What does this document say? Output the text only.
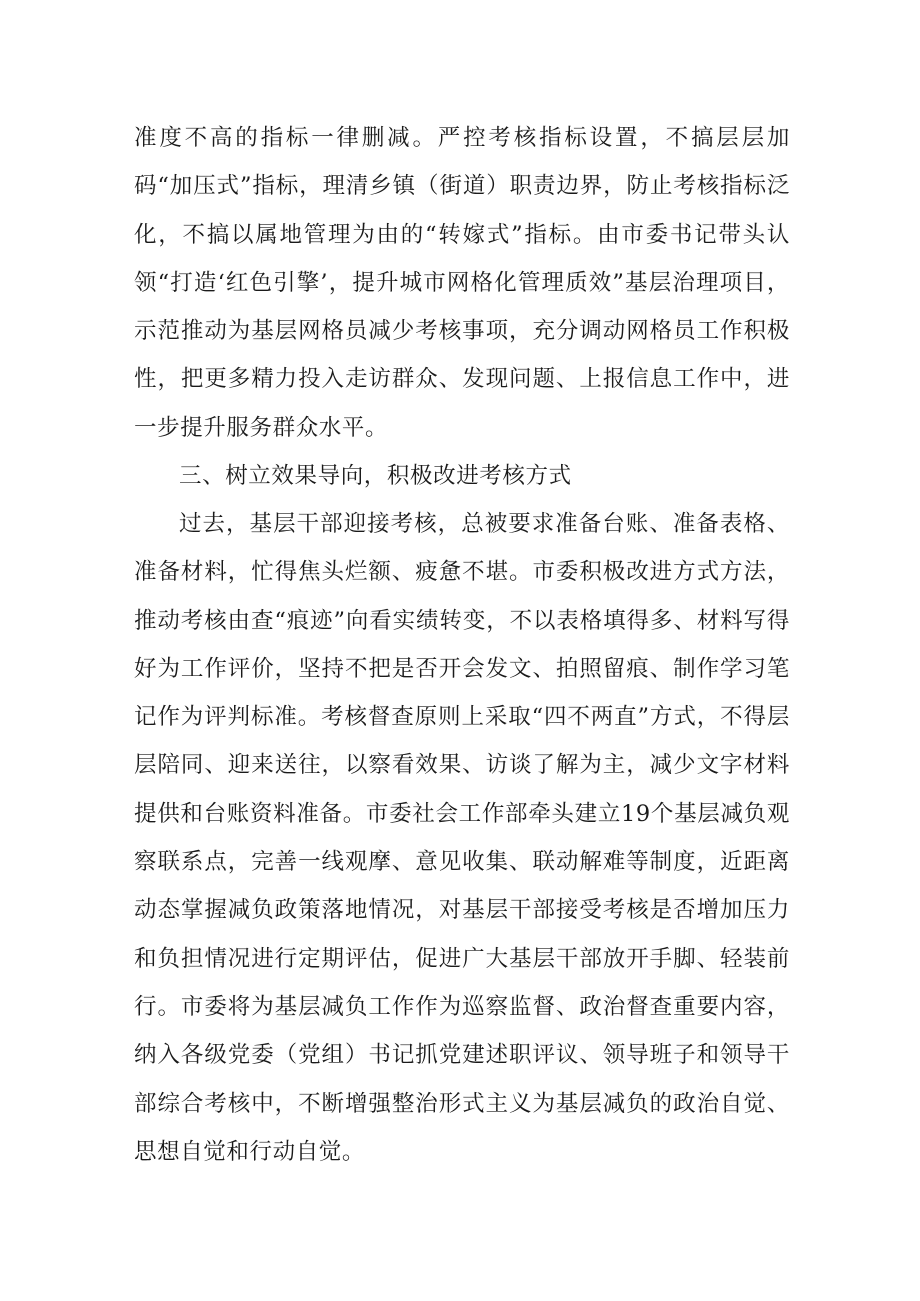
准度不高的指标一律删减。严控考核指标设置，不搞层层加码“加压式”指标，理清乡镇（街道）职责边界，防止考核指标泛化，不搞以属地管理为由的“转嫁式”指标。由市委书记带头认领“打造‘红色引擎’，提升城市网格化管理质效”基层治理项目，示范推动为基层网格员减少考核事项，充分调动网格员工作积极性，把更多精力投入走访群众、发现问题、上报信息工作中，进一步提升服务群众水平。

三、树立效果导向，积极改进考核方式

过去，基层干部迎接考核，总被要求准备台账、准备表格、准备材料，忙得焦头烂额、疲惫不堪。市委积极改进方式方法，推动考核由查“痕迹”向看实绩转变，不以表格填得多、材料写得好为工作评价，坚持不把是否开会发文、拍照留痕、制作学习笔记作为评判标准。考核督查原则上采取“四不两直”方式，不得层层陪同、迎来送往，以察看效果、访谈了解为主，减少文字材料提供和台账资料准备。市委社会工作部牵头建立19个基层减负观察联系点，完善一线观摩、意见收集、联动解难等制度，近距离动态掌握减负政策落地情况，对基层干部接受考核是否增加压力和负担情况进行定期评估，促进广大基层干部放开手脚、轻装前行。市委将为基层减负工作作为巡察监督、政治督查重要内容，纳入各级党委（党组）书记抓党建述职评议、领导班子和领导干部综合考核中，不断增强整治形式主义为基层减负的政治自觉、思想自觉和行动自觉。
